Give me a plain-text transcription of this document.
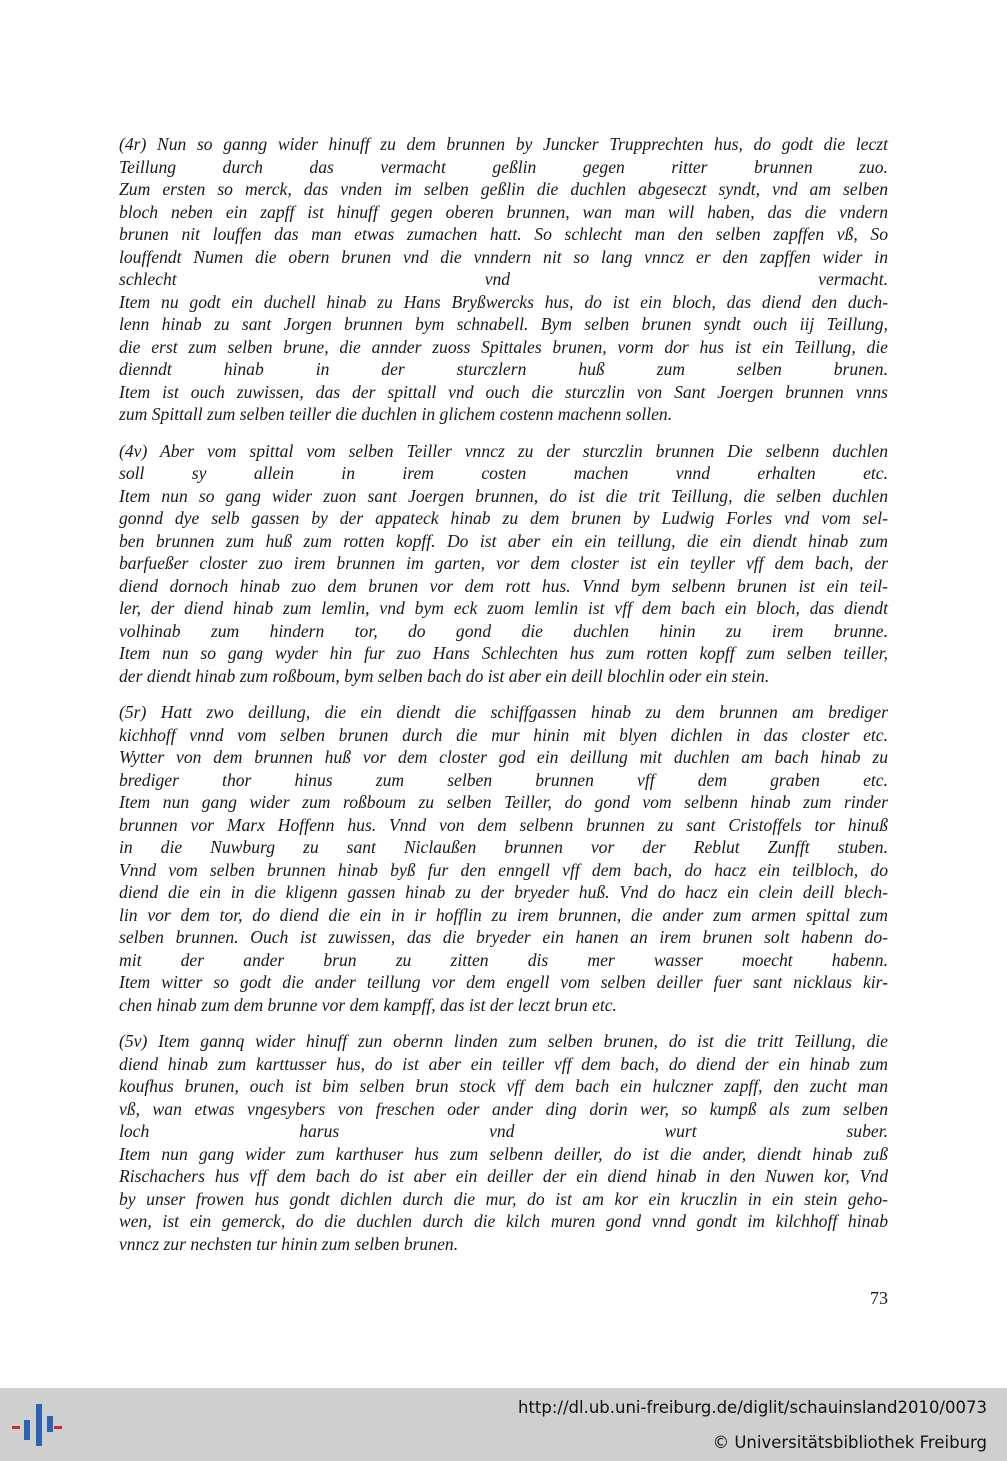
(4r) Nun so ganng wider hinuff zu dem brunnen by Juncker Trupprechten hus, do godt die leczt
Teillung durch das vermacht geßlin gegen ritter brunnen zuo.
Zum ersten so merck, das vnden im selben geßlin die duchlen abgeseczt syndt, vnd am selben
bloch neben ein zapff ist hinuff gegen oberen brunnen, wan man will haben, das die vndern
brunen nit louffen das man etwas zumachen hatt. So schlecht man den selben zapffen vß, So
louffendt Numen die obern brunen vnd die vnndern nit so lang vnncz er den zapffen wider in
schlecht vnd vermacht.
Item nu godt ein duchell hinab zu Hans Bryßwercks hus, do ist ein bloch, das diend den duch-
lenn hinab zu sant Jorgen brunnen bym schnabell. Bym selben brunen syndt ouch iij Teillung,
die erst zum selben brune, die annder zuoss Spittales brunen, vorm dor hus ist ein Teillung, die
dienndt hinab in der sturczlern huß zum selben brunen.
Item ist ouch zuwissen, das der spittall vnd ouch die sturczlin von Sant Joergen brunnen vnns
zum Spittall zum selben teiller die duchlen in glichem costenn machenn sollen.
(4v) Aber vom spittal vom selben Teiller vnncz zu der sturczlin brunnen Die selbenn duchlen
soll sy allein in irem costen machen vnnd erhalten etc.
Item nun so gang wider zuon sant Joergen brunnen, do ist die trit Teillung, die selben duchlen
gonnd dye selb gassen by der appateck hinab zu dem brunen by Ludwig Forles vnd vom sel-
ben brunnen zum huß zum rotten kopff. Do ist aber ein ein teillung, die ein diendt hinab zum
barfueßer closter zuo irem brunnen im garten, vor dem closter ist ein teyller vff dem bach, der
diend dornoch hinab zuo dem brunen vor dem rott hus. Vnnd bym selbenn brunen ist ein teil-
ler, der diend hinab zum lemlin, vnd bym eck zuom lemlin ist vff dem bach ein bloch, das diendt
volhinab zum hindern tor, do gond die duchlen hinin zu irem brunne.
Item nun so gang wyder hin fur zuo Hans Schlechten hus zum rotten kopff zum selben teiller,
der diendt hinab zum roßboum, bym selben bach do ist aber ein deill blochlin oder ein stein.
(5r) Hatt zwo deillung, die ein diendt die schiffgassen hinab zu dem brunnen am brediger
kichhoff vnnd vom selben brunen durch die mur hinin mit blyen dichlen in das closter etc.
Wytter von dem brunnen huß vor dem closter god ein deillung mit duchlen am bach hinab zu
brediger thor hinus zum selben brunnen vff dem graben etc.
Item nun gang wider zum roßboum zu selben Teiller, do gond vom selbenn hinab zum rinder
brunnen vor Marx Hoffenn hus. Vnnd von dem selbenn brunnen zu sant Cristoffels tor hinuß
in die Nuwburg zu sant Niclaußen brunnen vor der Reblut Zunfft stuben.
Vnnd vom selben brunnen hinab byß fur den enngell vff dem bach, do hacz ein teilbloch, do
diend die ein in die kligenn gassen hinab zu der bryeder huß. Vnd do hacz ein clein deill blech-
lin vor dem tor, do diend die ein in ir hofflin zu irem brunnen, die ander zum armen spittal zum
selben brunnen. Ouch ist zuwissen, das die bryeder ein hanen an irem brunen solt habenn do-
mit der ander brun zu zitten dis mer wasser moecht habenn.
Item witter so godt die ander teillung vor dem engell vom selben deiller fuer sant nicklaus kir-
chen hinab zum dem brunne vor dem kampff, das ist der leczt brun etc.
(5v) Item gannq wider hinuff zun obernn linden zum selben brunen, do ist die tritt Teillung, die
diend hinab zum karttusser hus, do ist aber ein teiller vff dem bach, do diend der ein hinab zum
koufhus brunen, ouch ist bim selben brun stock vff dem bach ein hulczner zapff, den zucht man
vß, wan etwas vngesybers von freschen oder ander ding dorin wer, so kumpß als zum selben
loch harus vnd wurt suber.
Item nun gang wider zum karthuser hus zum selbenn deiller, do ist die ander, diendt hinab zuß
Rischachers hus vff dem bach do ist aber ein deiller der ein diend hinab in den Nuwen kor, Vnd
by unser frowen hus gondt dichlen durch die mur, do ist am kor ein kruczlin in ein stein geho-
wen, ist ein gemerck, do die duchlen durch die kilch muren gond vnnd gondt im kilchhoff hinab
vnncz zur nechsten tur hinin zum selben brunen.
73
http://dl.ub.uni-freiburg.de/diglit/schauinsland2010/0073
© Universitätsbibliothek Freiburg
